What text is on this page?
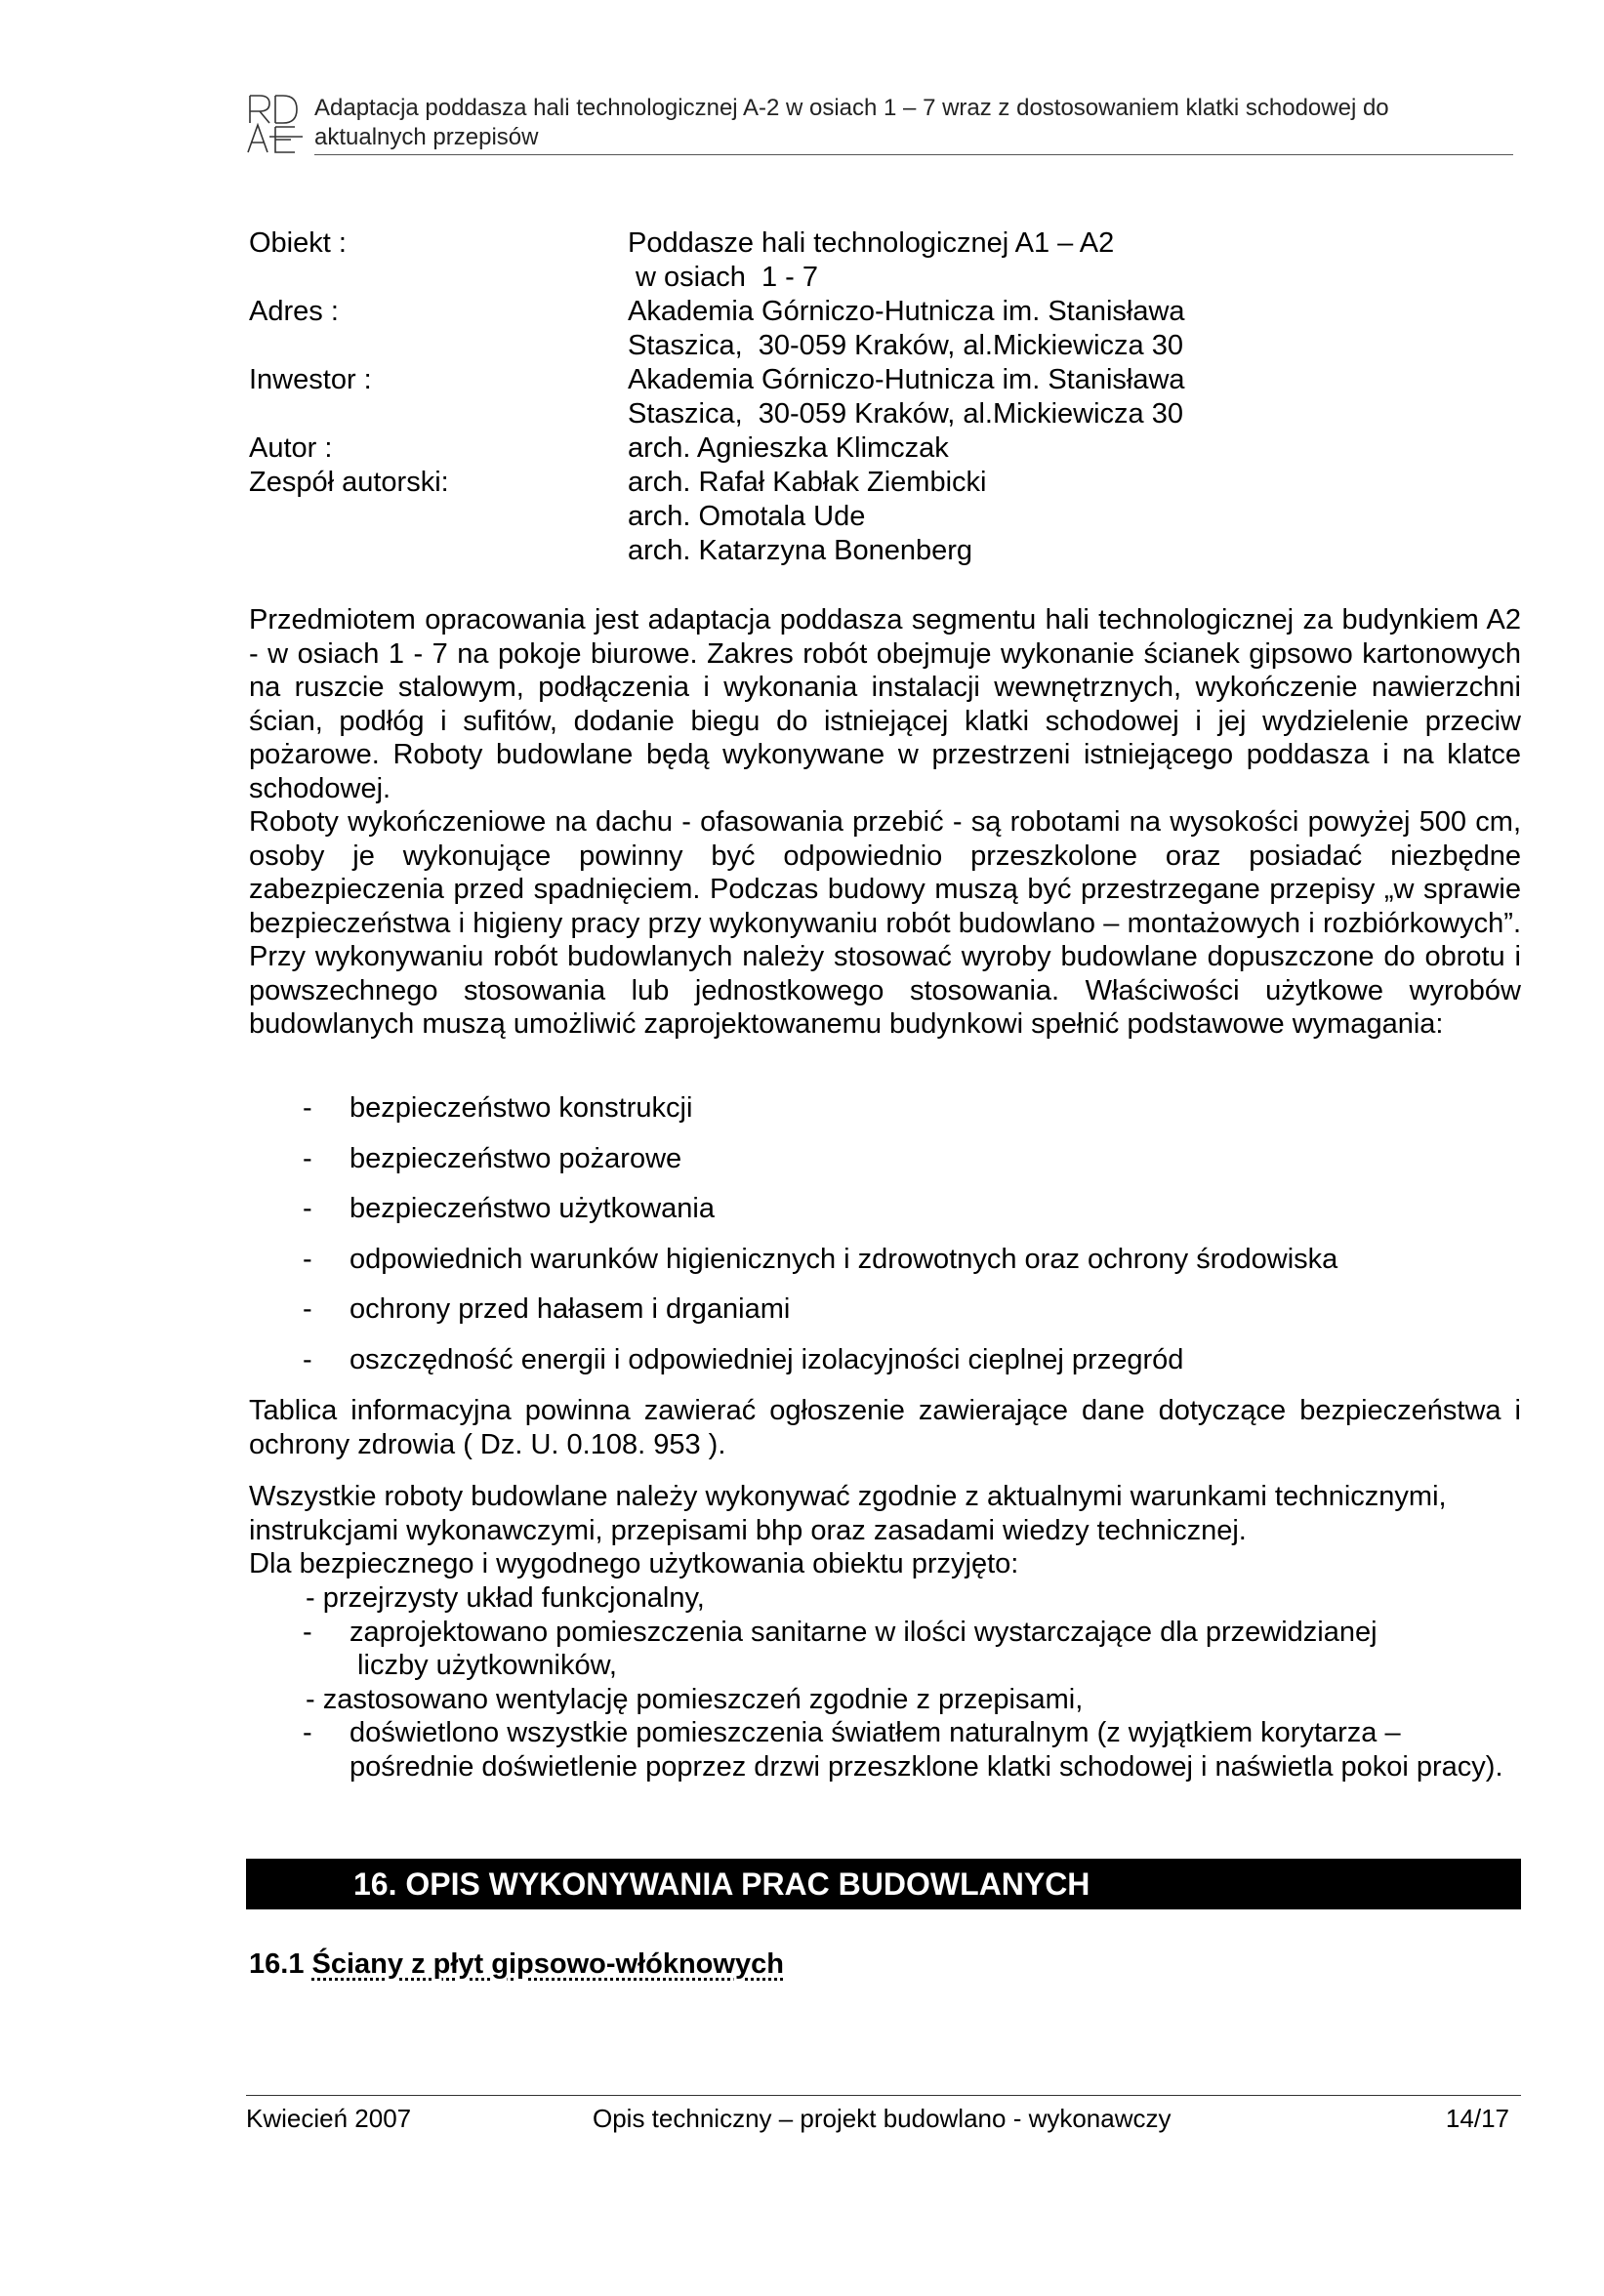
Adaptacja poddasza hali technologicznej A-2 w osiach 1 – 7 wraz z dostosowaniem klatki schodowej do aktualnych przepisów
Obiekt :	Poddasze hali technologicznej A1 – A2
w osiach  1 - 7
Adres :	Akademia Górniczo-Hutnicza im. Stanisława
Staszica,  30-059 Kraków, al.Mickiewicza 30
Inwestor :	Akademia Górniczo-Hutnicza im. Stanisława
Staszica,  30-059 Kraków, al.Mickiewicza 30
Autor :	arch. Agnieszka Klimczak
Zespół autorski:	arch. Rafał Kabłak Ziembicki
arch. Omotala Ude
arch. Katarzyna Bonenberg
Przedmiotem opracowania jest adaptacja poddasza segmentu hali technologicznej za budynkiem A2 - w osiach 1 - 7 na pokoje biurowe. Zakres robót obejmuje wykonanie ścianek gipsowo kartonowych na ruszcie stalowym, podłączenia i wykonania instalacji wewnętrznych, wykończenie nawierzchni ścian, podłóg i sufitów, dodanie biegu do istniejącej klatki schodowej i jej wydzielenie przeciw pożarowe. Roboty budowlane będą wykonywane w przestrzeni istniejącego poddasza i na klatce schodowej.
Roboty wykończeniowe na dachu - ofasowania przebić - są robotami na wysokości powyżej 500 cm, osoby je wykonujące powinny być odpowiednio przeszkolone oraz posiadać niezbędne zabezpieczenia przed spadnięciem. Podczas budowy muszą być przestrzegane przepisy „w sprawie bezpieczeństwa i higieny pracy przy wykonywaniu robót budowlano – montażowych i rozbiórkowych”. Przy wykonywaniu robót budowlanych należy stosować wyroby budowlane dopuszczone do obrotu i powszechnego stosowania lub jednostkowego stosowania. Właściwości użytkowe wyrobów budowlanych muszą umożliwić zaprojektowanemu budynkowi spełnić podstawowe wymagania:
- bezpieczeństwo konstrukcji
- bezpieczeństwo pożarowe
- bezpieczeństwo użytkowania
- odpowiednich warunków higienicznych i zdrowotnych oraz ochrony środowiska
- ochrony przed hałasem i drganiami
- oszczędność energii i odpowiedniej izolacyjności cieplnej przegród
Tablica informacyjna powinna zawierać ogłoszenie zawierające dane dotyczące bezpieczeństwa i ochrony zdrowia ( Dz. U. 0.108. 953 ).
Wszystkie roboty budowlane należy wykonywać zgodnie z aktualnymi warunkami technicznymi, instrukcjami wykonawczymi, przepisami bhp oraz zasadami wiedzy technicznej.
Dla bezpiecznego i wygodnego użytkowania obiektu przyjęto:
- przejrzysty układ funkcjonalny,
- zaprojektowano pomieszczenia sanitarne w ilości wystarczające dla przewidzianej
liczby użytkowników,
- zastosowano wentylację pomieszczeń zgodnie z przepisami,
- doświetlono wszystkie pomieszczenia światłem naturalnym (z wyjątkiem korytarza – pośrednie doświetlenie poprzez drzwi przeszklone klatki schodowej i naświetla pokoi pracy).
16. OPIS WYKONYWANIA PRAC BUDOWLANYCH
16.1 Ściany z płyt gipsowo-włóknowych
Kwiecień 2007	Opis techniczny – projekt budowlano - wykonawczy	14/17
